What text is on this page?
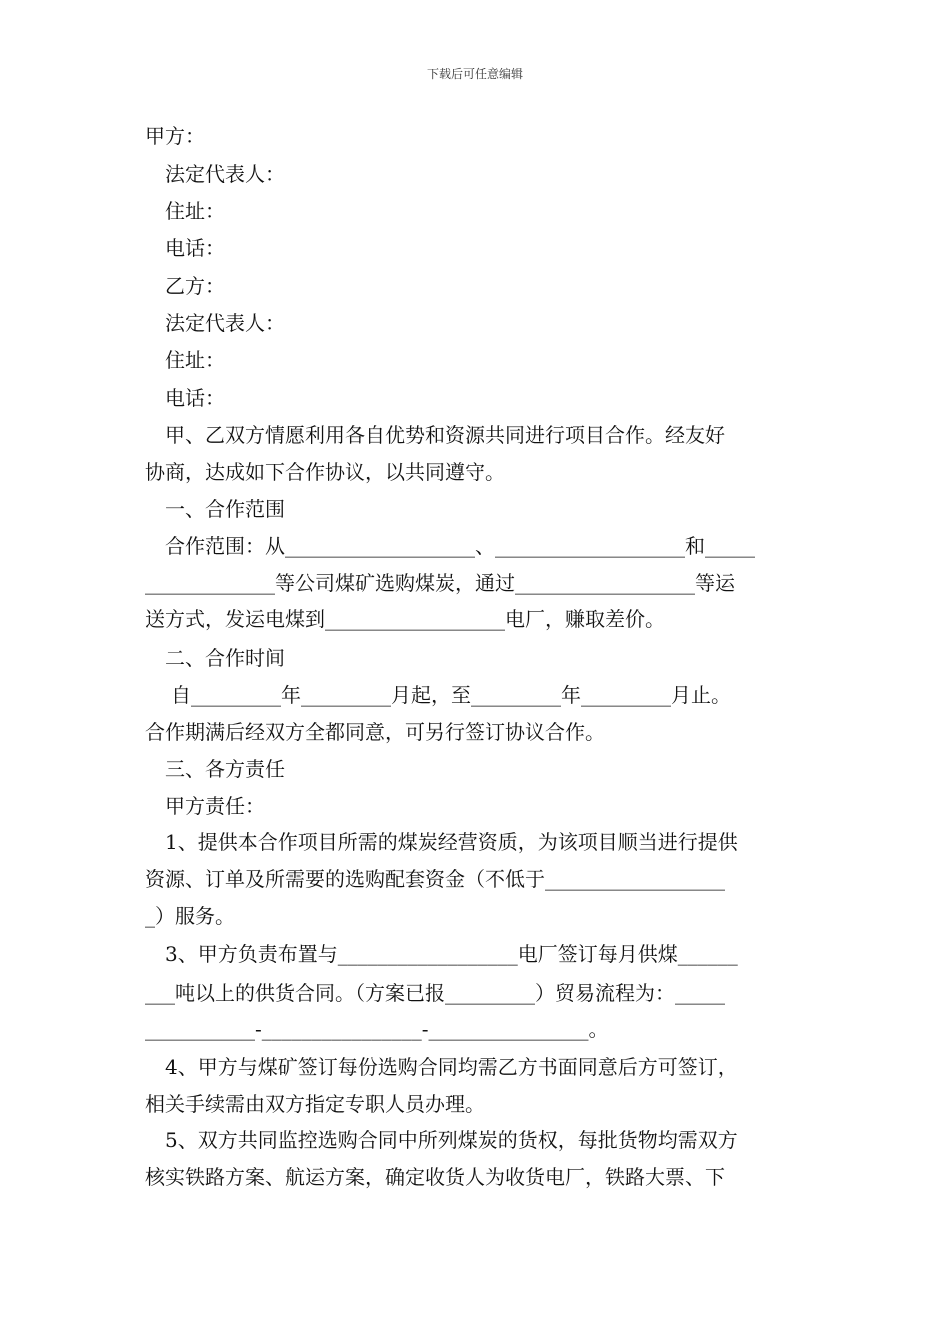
下载后可任意编辑
甲方：
法定代表人：
住址：
电话：
乙方：
法定代表人：
住址：
电话：
甲、乙双方情愿利用各自优势和资源共同进行项目合作。经友好
协商，达成如下合作协议，以共同遵守。
一、合作范围
合作范围：从___________________、___________________和_____
_____________等公司煤矿选购煤炭，通过__________________等运
送方式，发运电煤到__________________电厂，赚取差价。
二、合作时间
自_________年_________月起，至_________年_________月止。
合作期满后经双方全都同意，可另行签订协议合作。
三、各方责任
甲方责任：
1、提供本合作项目所需的煤炭经营资质，为该项目顺当进行提供
资源、订单及所需要的选购配套资金（不低于__________________
_）服务。
3、甲方负责布置与__________________电厂签订每月供煤______
___吨以上的供货合同。（方案已报_________）贸易流程为：_____
___________-________________-________________。
4、甲方与煤矿签订每份选购合同均需乙方书面同意后方可签订，
相关手续需由双方指定专职人员办理。
5、双方共同监控选购合同中所列煤炭的货权，每批货物均需双方
核实铁路方案、航运方案，确定收货人为收货电厂，铁路大票、下
